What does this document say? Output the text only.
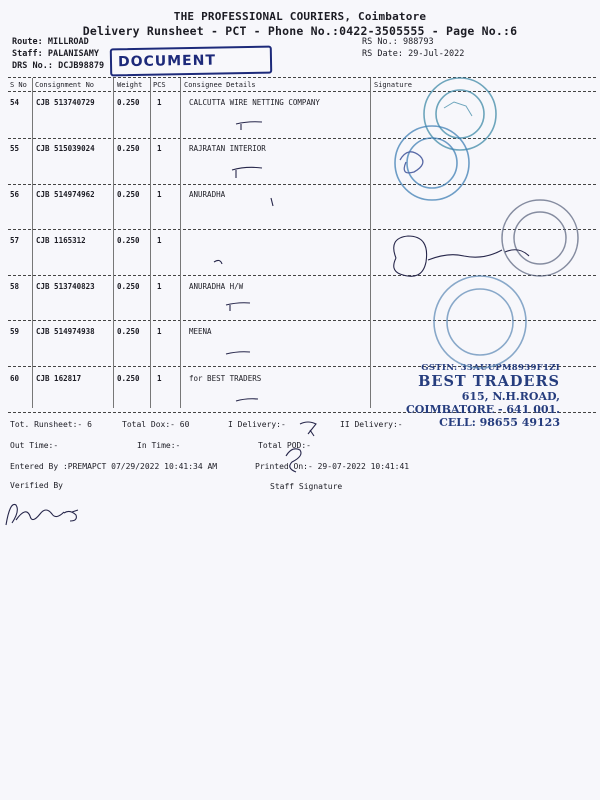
THE PROFESSIONAL COURIERS, Coimbatore
Delivery Runsheet - PCT - Phone No.:0422-3505555 - Page No.:6
Route: MILLROAD
Staff: PALANISAMY
DRS No.: DCJB98879
RS No.: 988793
RS Date: 29-Jul-2022
DOCUMENT
S No Consignment No	Weight PCS	Consignee Details	Signature
54 CJB 513740729	0.250 1	CALCUTTA WIRE NETTING COMPANY
55 CJB 515039024	0.250 1	RAJRATAN INTERIOR
56 CJB 514974962	0.250 1	ANURADHA
57 CJB 1165312	0.250 1
58 CJB 513740823	0.250 1	ANURADHA H/W
59 CJB 514974938	0.250 1	MEENA
60 CJB 162817	0.250 1	for BEST TRADERS
Tot. Runsheet:- 6	Total Dox:- 60	I Delivery:-	II Delivery:-
Out Time:-	In Time:-	Total POD:-
Entered By :PREMAPCT 07/29/2022 10:41:34 AM	Printed On:- 29-07-2022 10:41:41
Verified By	Staff Signature
GSTIN: 33AUUPM8939F1ZI
BEST TRADERS
615, N.H.ROAD,
COIMBATORE - 641 001.
CELL: 98655 49123
